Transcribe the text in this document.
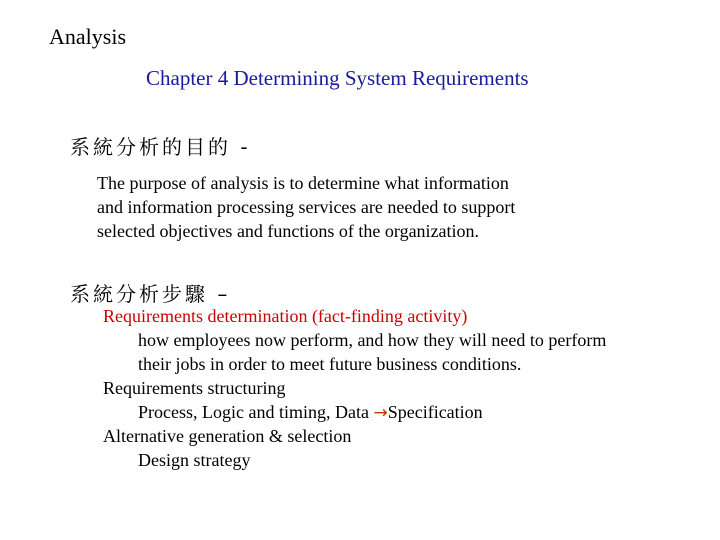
Analysis
Chapter 4 Determining System Requirements
系統分析的目的 -
The purpose of analysis is to determine what information
and information processing services are needed to support
selected objectives and functions of the organization.
系統分析步驟 –
Requirements determination (fact-finding activity)
how employees now perform, and how they will need to perform
their jobs in order to meet future business conditions.
Requirements structuring
Process, Logic and timing, Data →Specification
Alternative generation & selection
Design strategy
